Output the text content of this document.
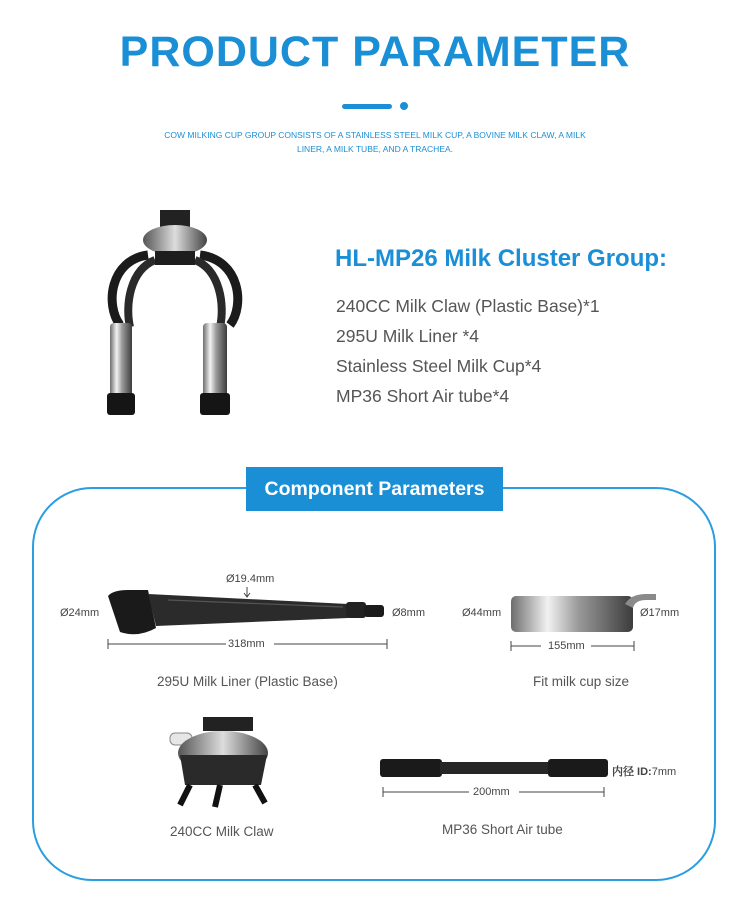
PRODUCT PARAMETER
COW MILKING CUP GROUP CONSISTS OF A STAINLESS STEEL MILK CUP, A BOVINE MILK CLAW, A MILK LINER, A MILK TUBE, AND A TRACHEA.
HL-MP26 Milk Cluster Group:
240CC Milk Claw (Plastic Base)*1
295U Milk Liner *4
Stainless Steel Milk Cup*4
MP36 Short Air tube*4
Component Parameters
Ø19.4mm
Ø24mm	Ø8mm
318mm
295U Milk Liner (Plastic Base)
Ø44mm	Ø17mm
155mm
Fit milk cup size
240CC Milk Claw
内径 ID:7mm
200mm
MP36 Short Air tube
